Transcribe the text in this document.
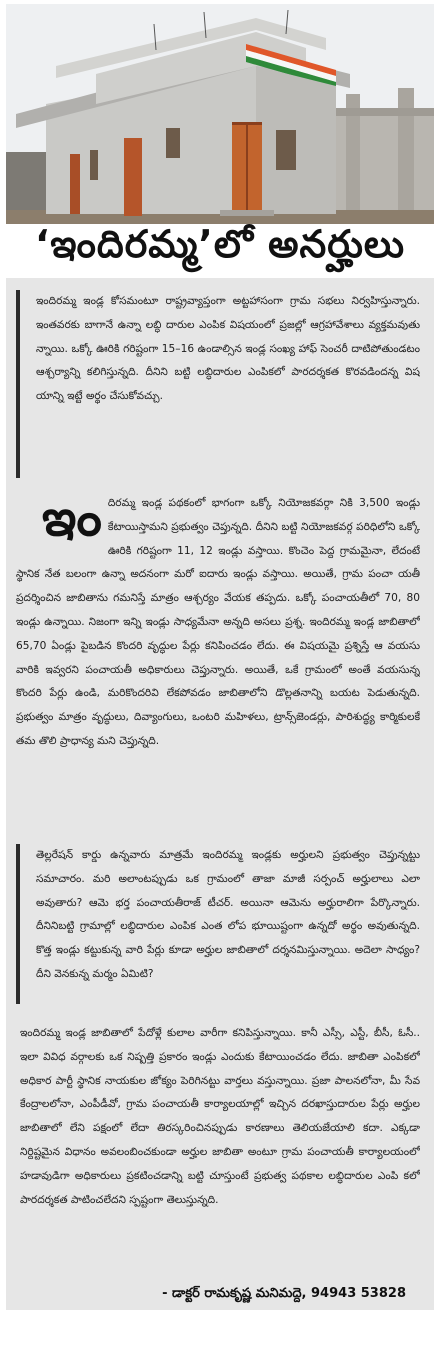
‘ఇందిరమ్మ’లో అనర్హులు

ఇందిరమ్మ ఇండ్ల కోసమంటూ రాష్ట్రవ్యాప్తంగా అట్టహాసంగా గ్రామ సభలు నిర్వహిస్తున్నారు. ఇంతవరకు బాగానే ఉన్నా లబ్ధి దారుల ఎంపిక విషయంలో ప్రజల్లో ఆగ్రహావేశాలు వ్యక్తమవుతు న్నాయి. ఒక్కో ఊరికి గరిష్టంగా 15–16 ఉండాల్సిన ఇండ్ల సంఖ్య హాఫ్ సెంచరీ దాటిపోతుండటం ఆశ్చర్యాన్ని కలిగిస్తున్నది. దీనిని బట్టి లబ్ధిదారుల ఎంపికలో పారదర్శకత కొరవడిందన్న విష యాన్ని ఇట్టే అర్థం చేసుకోవచ్చు.

ఇం దిరమ్మ ఇండ్ల పథకంలో భాగంగా ఒక్కో నియోజకవర్గా నికి 3,500 ఇండ్లు కేటాయిస్తామని ప్రభుత్వం చెప్తున్నది. దీనిని బట్టి నియోజకవర్గ పరిధిలోని ఒక్కో ఊరికి గరిష్టంగా 11, 12 ఇండ్లు వస్తాయి. కొంచెం పెద్ద గ్రామమైనా, లేదంటే స్థానిక నేత బలంగా ఉన్నా అదనంగా మరో ఐదారు ఇండ్లు వస్తాయి. అయితే, గ్రామ పంచా యతీ ప్రదర్శించిన జాబితాను గమనిస్తే మాత్రం ఆశ్చర్యం వేయక తప్పదు. ఒక్కో పంచాయతీలో 70, 80 ఇండ్లు ఉన్నాయి. నిజంగా ఇన్ని ఇండ్లు సాధ్యమేనా అన్నది అసలు ప్రశ్న. ఇందిరమ్మ ఇండ్ల జాబితాలో 65,70 ఏండ్లు పైబడిన కొందరి వృద్ధుల పేర్లు కనిపించడం లేదు. ఈ విషయమై ప్రశ్నిస్తే ఆ వయసు వారికి ఇవ్వరని పంచాయతీ అధికారులు చెప్తున్నారు. అయితే, ఒకే గ్రామంలో అంతే వయసున్న కొందరి పేర్లు ఉండి, మరికొందరివి లేకపోవడం జాబితాలోని డొల్లతనాన్ని బయట పెడుతున్నది. ప్రభుత్వం మాత్రం వృద్ధులు, దివ్యాంగులు, ఒంటరి మహిళలు, ట్రాన్స్‌జెండర్లు, పారిశుద్ధ్య కార్మికులకే తమ తొలి ప్రాధాన్య మని చెప్తున్నది.

తెల్లరేషన్ కార్డు ఉన్నవారు మాత్రమే ఇందిరమ్మ ఇండ్లకు అర్హులని ప్రభుత్వం చెప్తున్నట్టు సమాచారం. మరి అలాంటప్పుడు ఒక గ్రామంలో తాజా మాజీ సర్పంచ్ అర్హులాలు ఎలా అవుతారు? ఆమె భర్త పంచాయతీరాజ్ టీచర్. అయినా ఆమెను అర్హురాలిగా పేర్కొన్నారు. దీనినిబట్టి గ్రామాల్లో లబ్ధిదారుల ఎంపిక ఎంత లోప భూయిష్టంగా ఉన్నదో అర్థం అవుతున్నది. కొత్త ఇండ్లు కట్టుకున్న వారి పేర్లు కూడా అర్హుల జాబితాలో దర్శనమిస్తున్నాయి. అదెలా సాధ్యం? దీని వెనకున్న మర్మం ఏమిటి?

ఇందిరమ్మ ఇండ్ల జాబితాలో పేదోళ్లే కులాల వారీగా కనిపిస్తున్నాయి. కానీ ఎస్సీ, ఎస్టీ, బీసీ, ఓసీ.. ఇలా వివిధ వర్గాలకు ఒక నిష్పత్తి ప్రకారం ఇండ్లు ఎందుకు కేటాయించడం లేదు. జాబితా ఎంపికలో అధికార పార్టీ స్థానిక నాయకుల జోక్యం పెరిగినట్టు వార్తలు వస్తున్నాయి. ప్రజా పాలనలోనా, మీ సేవ కేంద్రాలలోనా, ఎంపీడీవో, గ్రామ పంచాయతీ కార్యాలయాల్లో ఇచ్చిన దరఖాస్తుదారుల పేర్లు అర్హుల జాబితాలో లేని పక్షంలో లేదా తిరస్కరించినప్పుడు కారణాలు తెలియజేయాలి కదా. ఎక్కడా నిర్దిష్టమైన విధానం అవలంబించకుండా అర్హుల జాబితా అంటూ గ్రామ పంచాయతీ కార్యాలయంలో హడావుడిగా అధికారులు ప్రకటించడాన్ని బట్టి చూస్తుంటే ప్రభుత్వ పథకాల లబ్ధిదారుల ఎంపి కలో పారదర్శకత పాటించలేదని స్పష్టంగా తెలుస్తున్నది.

- డాక్టర్ రామకృష్ణ మనిమద్దె, 94943 53828
